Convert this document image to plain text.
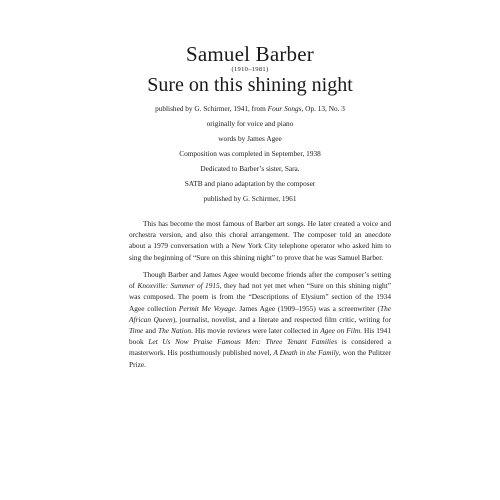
Samuel Barber
(1910–1981)
Sure on this shining night
published by G. Schirmer, 1941, from Four Songs, Op. 13, No. 3
originally for voice and piano
words by James Agee
Composition was completed in September, 1938
Dedicated to Barber’s sister, Sara.
SATB and piano adaptation by the composer
published by G. Schirmer, 1961

This has become the most famous of Barber art songs. He later created a voice and orchestra version, and also this choral arrangement. The composer told an anecdote about a 1979 conversation with a New York City telephone operator who asked him to sing the beginning of “Sure on this shining night” to prove that he was Samuel Barber.

Though Barber and James Agee would become friends after the composer’s setting of Knoxville: Summer of 1915, they had not yet met when “Sure on this shining night” was composed. The poem is from the “Descriptions of Elysium” section of the 1934 Agee collection Permit Me Voyage. James Agee (1909–1955) was a screenwriter (The African Queen), journalist, novelist, and a literate and respected film critic, writing for Time and The Nation. His movie reviews were later collected in Agee on Film. His 1941 book Let Us Now Praise Famous Men: Three Tenant Families is considered a masterwork. His posthumously published novel, A Death in the Family, won the Pulitzer Prize.
